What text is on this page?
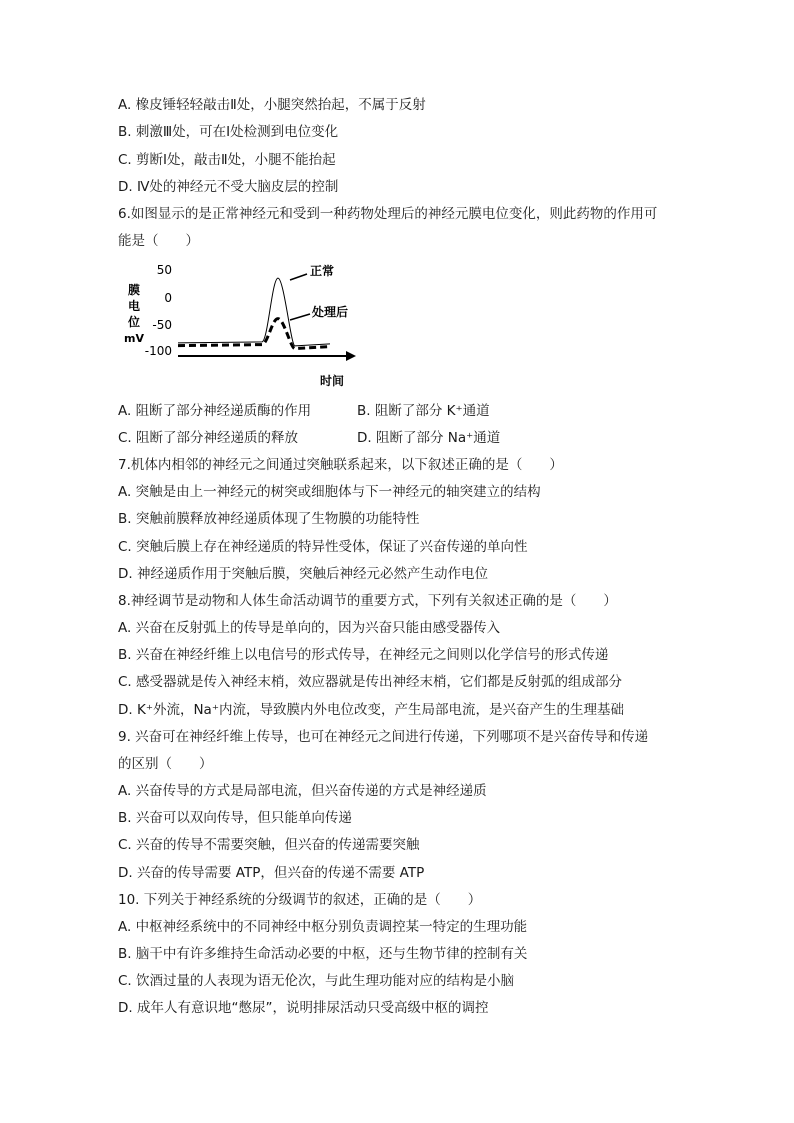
A. 橡皮锤轻轻敲击Ⅱ处，小腿突然抬起，不属于反射
B. 刺激Ⅲ处，可在Ⅰ处检测到电位变化
C. 剪断Ⅰ处，敲击Ⅱ处，小腿不能抬起
D. Ⅳ处的神经元不受大脑皮层的控制
6.如图显示的是正常神经元和受到一种药物处理后的神经元膜电位变化，则此药物的作用可
能是（　　）
膜
电
位
mV
50
0
-50
-100
正常
处理后
时间
A. 阻断了部分神经递质酶的作用	B. 阻断了部分 K⁺通道
C. 阻断了部分神经递质的释放	D. 阻断了部分 Na⁺通道
7.机体内相邻的神经元之间通过突触联系起来，以下叙述正确的是（　　）
A. 突触是由上一神经元的树突或细胞体与下一神经元的轴突建立的结构
B. 突触前膜释放神经递质体现了生物膜的功能特性
C. 突触后膜上存在神经递质的特异性受体，保证了兴奋传递的单向性
D. 神经递质作用于突触后膜，突触后神经元必然产生动作电位
8.神经调节是动物和人体生命活动调节的重要方式，下列有关叙述正确的是（　　）
A. 兴奋在反射弧上的传导是单向的，因为兴奋只能由感受器传入
B. 兴奋在神经纤维上以电信号的形式传导，在神经元之间则以化学信号的形式传递
C. 感受器就是传入神经末梢，效应器就是传出神经末梢，它们都是反射弧的组成部分
D. K⁺外流，Na⁺内流，导致膜内外电位改变，产生局部电流，是兴奋产生的生理基础
9. 兴奋可在神经纤维上传导，也可在神经元之间进行传递，下列哪项不是兴奋传导和传递
的区别（　　）
A. 兴奋传导的方式是局部电流，但兴奋传递的方式是神经递质
B. 兴奋可以双向传导，但只能单向传递
C. 兴奋的传导不需要突触，但兴奋的传递需要突触
D. 兴奋的传导需要 ATP，但兴奋的传递不需要 ATP
10. 下列关于神经系统的分级调节的叙述，正确的是（　　）
A. 中枢神经系统中的不同神经中枢分别负责调控某一特定的生理功能
B. 脑干中有许多维持生命活动必要的中枢，还与生物节律的控制有关
C. 饮酒过量的人表现为语无伦次，与此生理功能对应的结构是小脑
D. 成年人有意识地“憋尿”，说明排尿活动只受高级中枢的调控
